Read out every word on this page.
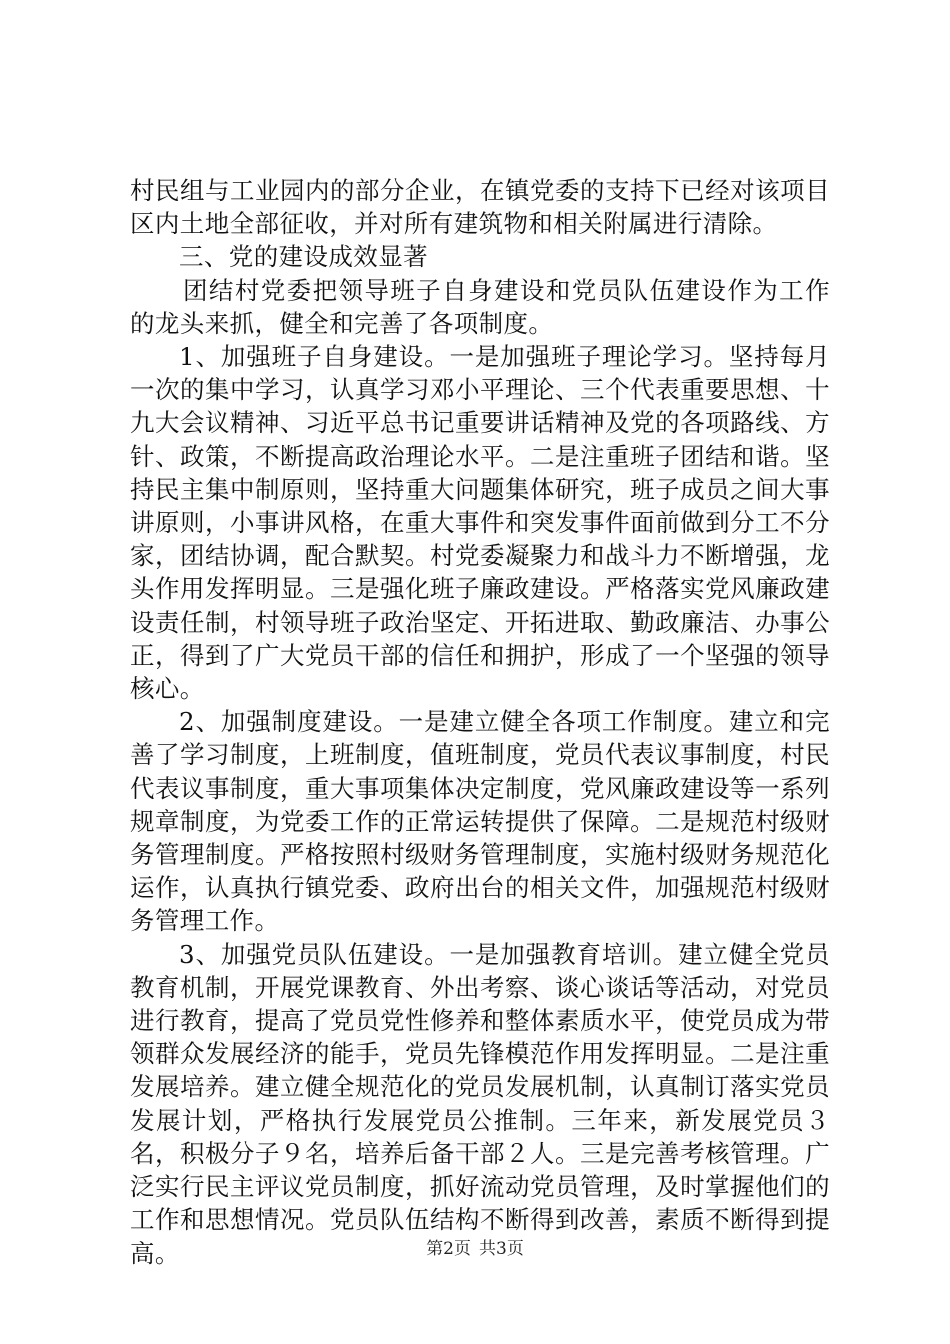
村民组与工业园内的部分企业，在镇党委的支持下已经对该项目区内土地全部征收，并对所有建筑物和相关附属进行清除。

三、党的建设成效显著

团结村党委把领导班子自身建设和党员队伍建设作为工作的龙头来抓，健全和完善了各项制度。

1、加强班子自身建设。一是加强班子理论学习。坚持每月一次的集中学习，认真学习邓小平理论、三个代表重要思想、十九大会议精神、习近平总书记重要讲话精神及党的各项路线、方针、政策，不断提高政治理论水平。二是注重班子团结和谐。坚持民主集中制原则，坚持重大问题集体研究，班子成员之间大事讲原则，小事讲风格，在重大事件和突发事件面前做到分工不分家，团结协调，配合默契。村党委凝聚力和战斗力不断增强，龙头作用发挥明显。三是强化班子廉政建设。严格落实党风廉政建设责任制，村领导班子政治坚定、开拓进取、勤政廉洁、办事公正，得到了广大党员干部的信任和拥护，形成了一个坚强的领导核心。

2、加强制度建设。一是建立健全各项工作制度。建立和完善了学习制度，上班制度，值班制度，党员代表议事制度，村民代表议事制度，重大事项集体决定制度，党风廉政建设等一系列规章制度，为党委工作的正常运转提供了保障。二是规范村级财务管理制度。严格按照村级财务管理制度，实施村级财务规范化运作，认真执行镇党委、政府出台的相关文件，加强规范村级财务管理工作。

3、加强党员队伍建设。一是加强教育培训。建立健全党员教育机制，开展党课教育、外出考察、谈心谈话等活动，对党员进行教育，提高了党员党性修养和整体素质水平，使党员成为带领群众发展经济的能手，党员先锋模范作用发挥明显。二是注重发展培养。建立健全规范化的党员发展机制，认真制订落实党员发展计划，严格执行发展党员公推制。三年来，新发展党员３名，积极分子９名，培养后备干部２人。三是完善考核管理。广泛实行民主评议党员制度，抓好流动党员管理，及时掌握他们的工作和思想情况。党员队伍结构不断得到改善，素质不断得到提高。	第2页 共3页
